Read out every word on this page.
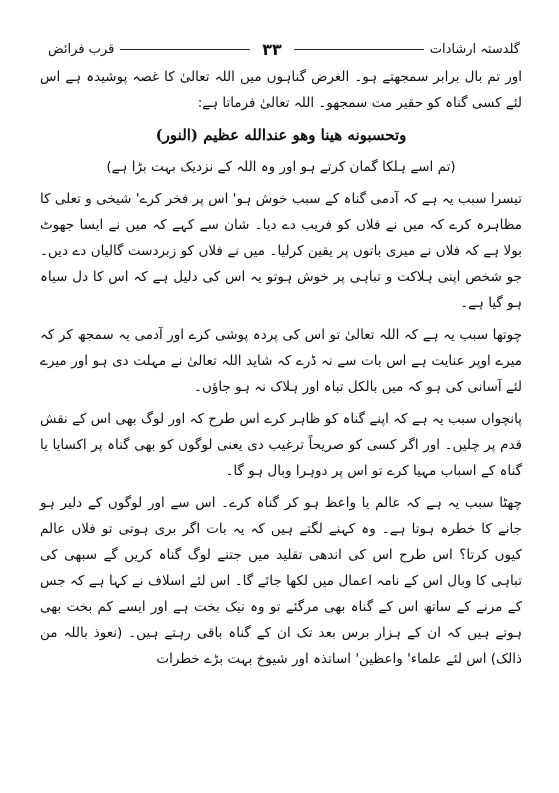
گلدستہ ارشادات
۳۳
قرب فرائض

اور تم بال برابر سمجھتے ہو۔ الغرض گناہوں میں اللہ تعالیٰ کا غصہ پوشیدہ ہے اس لئے کسی گناہ کو حقیر مت سمجھو۔ اللہ تعالیٰ فرماتا ہے:

وتحسبونه هينا وهو عندالله عظيم (النور)

(تم اسے ہلکا گمان کرتے ہو اور وہ اللہ کے نزدیک بہت بڑا ہے)

تیسرا سبب یہ ہے کہ آدمی گناہ کے سبب خوش ہو' اس پر فخر کرے' شیخی و تعلی کا مظاہرہ کرے کہ میں نے فلاں کو فریب دے دیا۔ شان سے کہے کہ میں نے ایسا جھوٹ بولا ہے کہ فلاں نے میری باتوں پر یقین کرلیا۔ میں نے فلاں کو زبردست گالیاں دے دیں۔ جو شخص اپنی ہلاکت و تباہی پر خوش ہوتو یہ اس کی دلیل ہے کہ اس کا دل سیاہ ہو گیا ہے۔

چوتھا سبب یہ ہے کہ اللہ تعالیٰ تو اس کی پردہ پوشی کرے اور آدمی یہ سمجھ کر کہ میرے اوپر عنایت ہے اس بات سے نہ ڈرے کہ شاید اللہ تعالیٰ نے مہلت دی ہو اور میرے لئے آسانی کی ہو کہ میں بالکل تباہ اور ہلاک نہ ہو جاؤں۔

پانچواں سبب یہ ہے کہ اپنے گناہ کو ظاہر کرے اس طرح کہ اور لوگ بھی اس کے نقش قدم پر چلیں۔ اور اگر کسی کو صریحاً ترغیب دی یعنی لوگوں کو بھی گناہ پر اکسایا یا گناہ کے اسباب مہیا کرے تو اس پر دوہرا وبال ہو گا۔

چھٹا سبب یہ ہے کہ عالم یا واعظ ہو کر گناہ کرے۔ اس سے اور لوگوں کے دلیر ہو جانے کا خطرہ ہوتا ہے۔ وہ کہنے لگتے ہیں کہ یہ بات اگر بری ہوتی تو فلاں عالم کیوں کرتا؟ اس طرح اس کی اندھی تقلید میں جتنے لوگ گناہ کریں گے سبھی کی تباہی کا وبال اس کے نامہ اعمال میں لکھا جائے گا۔ اس لئے اسلاف نے کہا ہے کہ جس کے مرنے کے ساتھ اس کے گناہ بھی مرگئے تو وہ نیک بخت ہے اور ایسے کم بخت بھی ہوتے ہیں کہ ان کے ہزار برس بعد تک ان کے گناہ باقی رہتے ہیں۔ (نعوذ باللہ من ذالک) اس لئے علماء' واعظین' اساتذہ اور شیوخ بہت بڑے خطرات
